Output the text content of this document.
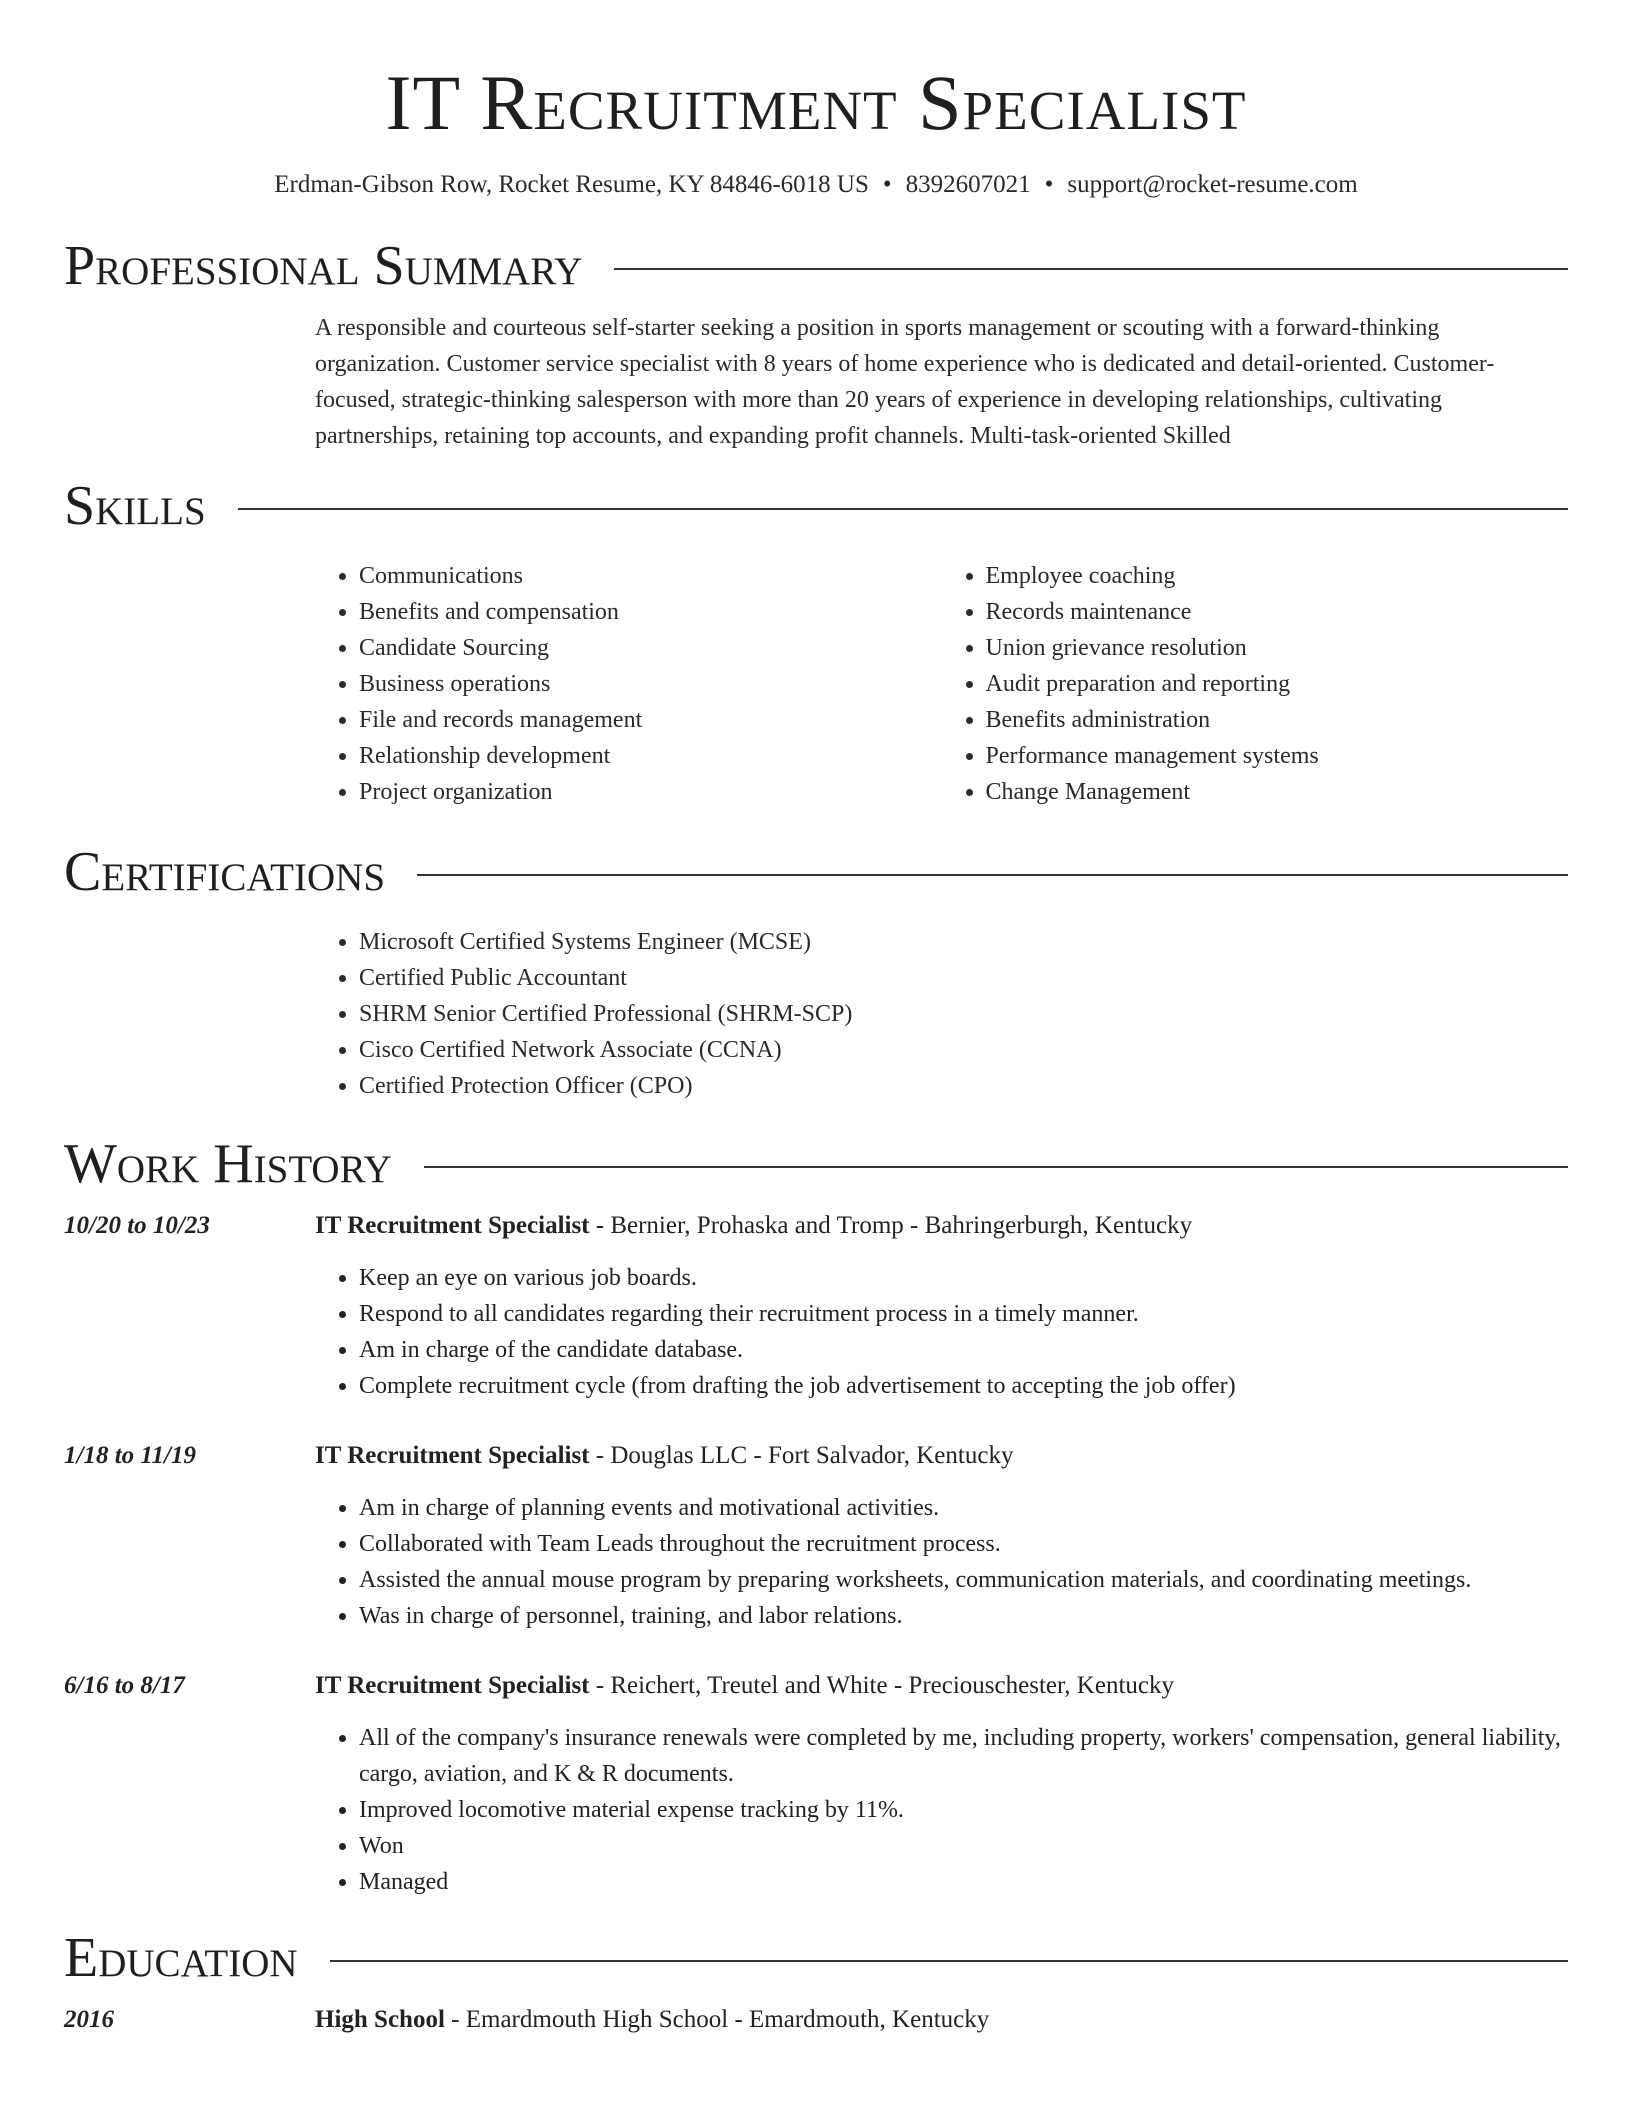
IT Recruitment Specialist
Erdman-Gibson Row, Rocket Resume, KY 84846-6018 US • 8392607021 • support@rocket-resume.com
Professional Summary

A responsible and courteous self-starter seeking a position in sports management or scouting with a forward-thinking organization. Customer service specialist with 8 years of home experience who is dedicated and detail-oriented. Customer-focused, strategic-thinking salesperson with more than 20 years of experience in developing relationships, cultivating partnerships, retaining top accounts, and expanding profit channels. Multi-task-oriented Skilled

Skills
• Communications
• Benefits and compensation
• Candidate Sourcing
• Business operations
• File and records management
• Relationship development
• Project organization
• Employee coaching
• Records maintenance
• Union grievance resolution
• Audit preparation and reporting
• Benefits administration
• Performance management systems
• Change Management
Certifications
• Microsoft Certified Systems Engineer (MCSE)
• Certified Public Accountant
• SHRM Senior Certified Professional (SHRM-SCP)
• Cisco Certified Network Associate (CCNA)
• Certified Protection Officer (CPO)
Work History
10/20 to 10/23	IT Recruitment Specialist - Bernier, Prohaska and Tromp - Bahringerburgh, Kentucky
• Keep an eye on various job boards.
• Respond to all candidates regarding their recruitment process in a timely manner.
• Am in charge of the candidate database.
• Complete recruitment cycle (from drafting the job advertisement to accepting the job offer)
1/18 to 11/19	IT Recruitment Specialist - Douglas LLC - Fort Salvador, Kentucky
• Am in charge of planning events and motivational activities.
• Collaborated with Team Leads throughout the recruitment process.
• Assisted the annual mouse program by preparing worksheets, communication materials, and coordinating meetings.
• Was in charge of personnel, training, and labor relations.
6/16 to 8/17	IT Recruitment Specialist - Reichert, Treutel and White - Preciouschester, Kentucky
• All of the company's insurance renewals were completed by me, including property, workers' compensation, general liability, cargo, aviation, and K & R documents.
• Improved locomotive material expense tracking by 11%.
• Won
• Managed
Education
2016	High School - Emardmouth High School - Emardmouth, Kentucky
